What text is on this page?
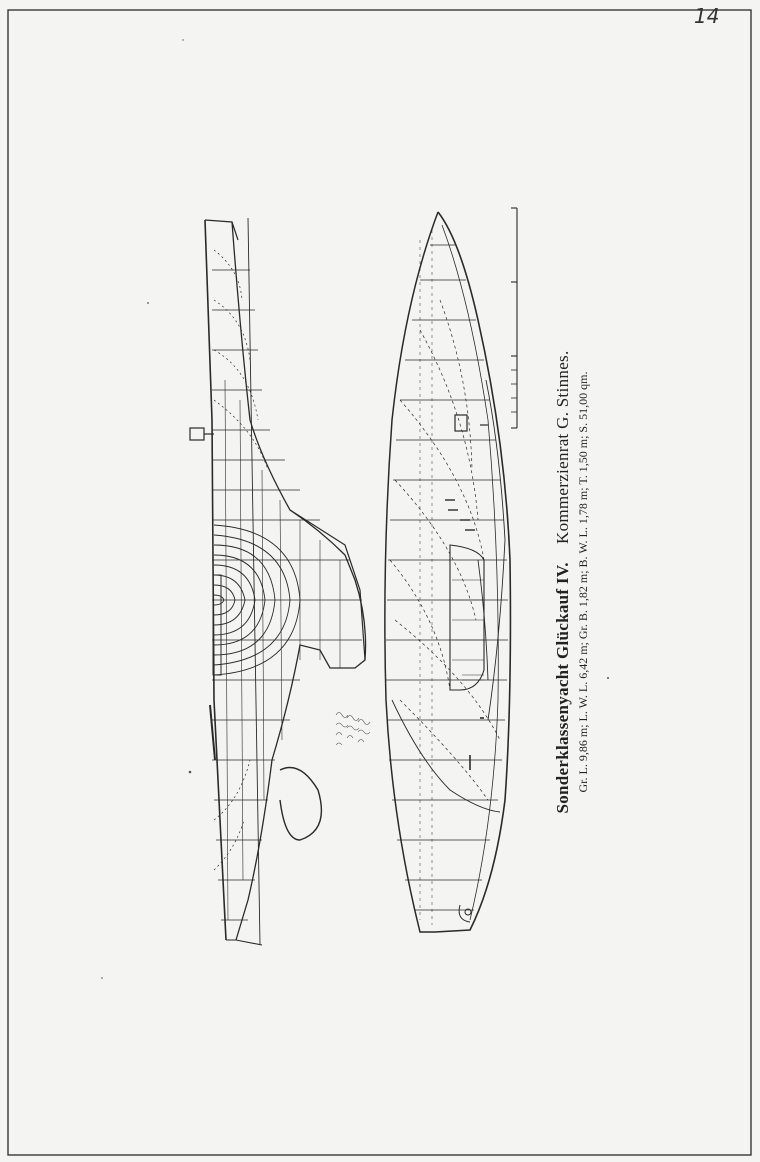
14
Sonderklassenyacht Glückauf IV.    Kommerzienrat G. Stinnes. Gr. L. 9,86 m; L. W. L. 6,42 m; Gr. B. 1,82 m; B. W. L. 1,78 m; T. 1,50 m; S. 51,00 qm.
